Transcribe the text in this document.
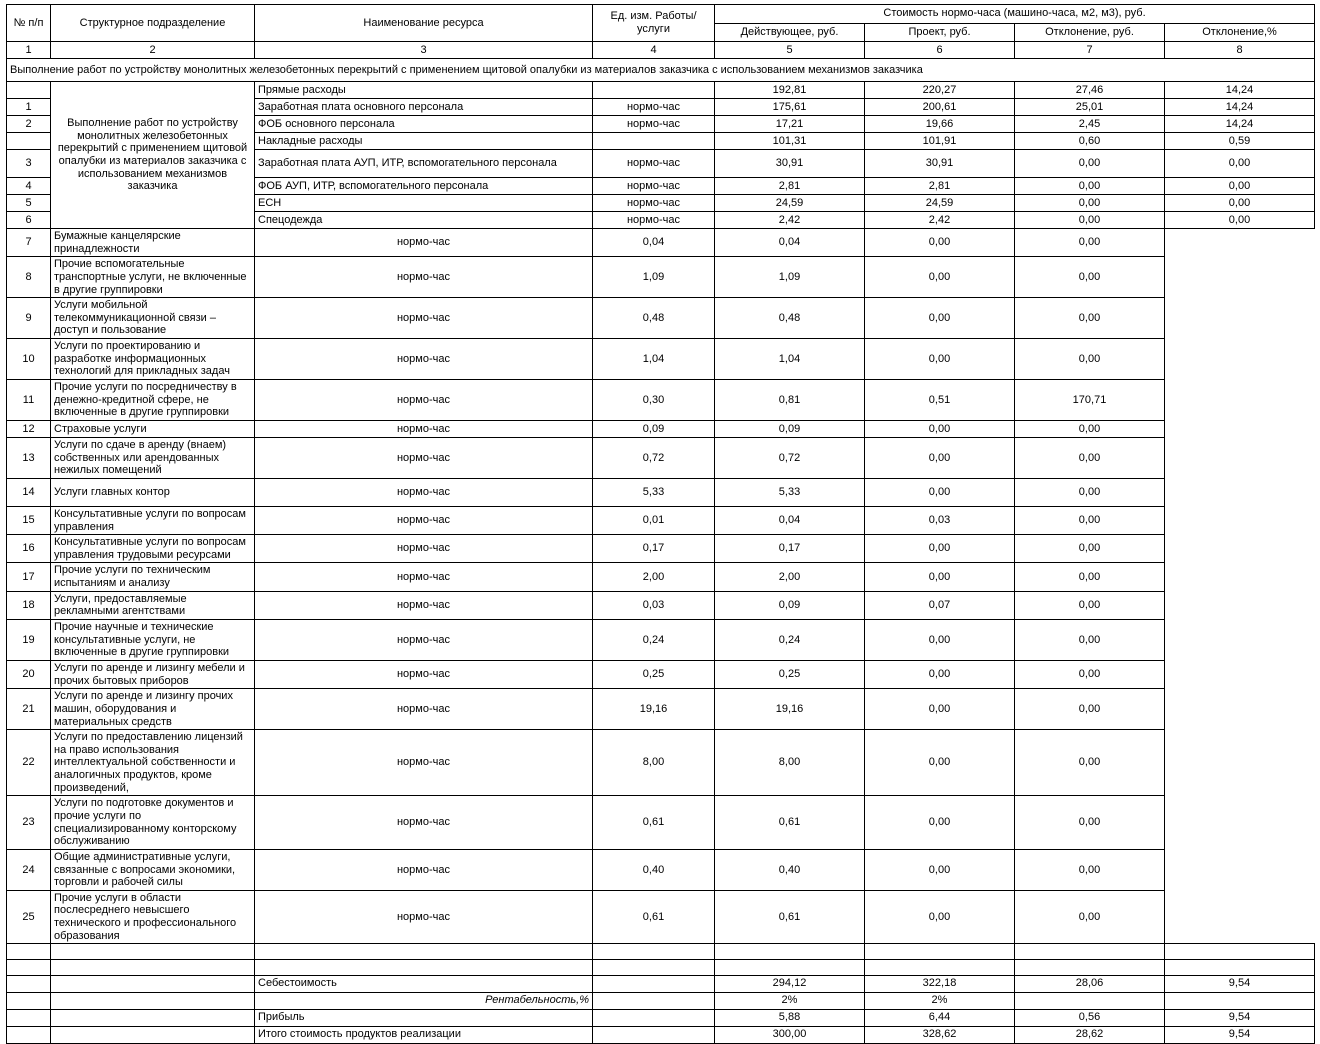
№ п/п	Структурное подразделение	Наименование ресурса	Ед. изм. Работы/ услуги	Стоимость нормо-часа (машино-часа, м2, м3), руб.			
				Действующее, руб.	Проект, руб.	Отклонение, руб.	Отклонение,%
1	2	3	4	5	6	7	8
Выполнение работ по устройству монолитных железобетонных перекрытий с применением щитовой опалубки из материалов заказчика с использованием механизмов заказчика							
	Выполнение работ по устройству монолитных железобетонных перекрытий с применением щитовой опалубки из материалов заказчика с использованием механизмов заказчика	Прямые расходы		192,81	220,27	27,46	14,24
1		Заработная плата основного персонала	нормо-час	175,61	200,61	25,01	14,24
2		ФОБ основного персонала	нормо-час	17,21	19,66	2,45	14,24
		Накладные расходы		101,31	101,91	0,60	0,59
3		Заработная плата АУП, ИТР, вспомогательного персонала	нормо-час	30,91	30,91	0,00	0,00
4		ФОБ АУП, ИТР, вспомогательного персонала	нормо-час	2,81	2,81	0,00	0,00
5		ЕСН	нормо-час	24,59	24,59	0,00	0,00
6		Спецодежда	нормо-час	2,42	2,42	0,00	0,00
7	Бумажные канцелярские принадлежности	нормо-час	0,04	0,04	0,00	0,00	
8	Прочие вспомогательные транспортные услуги, не включенные в другие группировки	нормо-час	1,09	1,09	0,00	0,00	
9	Услуги мобильной телекоммуникационной связи – доступ и пользование	нормо-час	0,48	0,48	0,00	0,00	
10	Услуги по проектированию и разработке информационных технологий для прикладных задач	нормо-час	1,04	1,04	0,00	0,00	
11	Прочие услуги по посредничеству в денежно-кредитной сфере, не включенные в другие группировки	нормо-час	0,30	0,81	0,51	170,71	
12	Страховые услуги	нормо-час	0,09	0,09	0,00	0,00	
13	Услуги по сдаче в аренду (внаем) собственных или арендованных нежилых помещений	нормо-час	0,72	0,72	0,00	0,00	
14	Услуги главных контор	нормо-час	5,33	5,33	0,00	0,00	
15	Консультативные услуги по вопросам управления	нормо-час	0,01	0,04	0,03	0,00	
16	Консультативные услуги по вопросам управления трудовыми ресурсами	нормо-час	0,17	0,17	0,00	0,00	
17	Прочие услуги по техническим испытаниям и анализу	нормо-час	2,00	2,00	0,00	0,00	
18	Услуги, предоставляемые рекламными агентствами	нормо-час	0,03	0,09	0,07	0,00	
19	Прочие научные и технические консультативные услуги, не включенные в другие группировки	нормо-час	0,24	0,24	0,00	0,00	
20	Услуги по аренде и лизингу мебели и прочих бытовых приборов	нормо-час	0,25	0,25	0,00	0,00	
21	Услуги по аренде и лизингу прочих машин, оборудования и материальных средств	нормо-час	19,16	19,16	0,00	0,00	
22	Услуги по предоставлению лицензий на право использования интеллектуальной собственности и аналогичных продуктов, кроме произведений,	нормо-час	8,00	8,00	0,00	0,00	
23	Услуги по подготовке документов и прочие услуги по специализированному конторскому обслуживанию	нормо-час	0,61	0,61	0,00	0,00	
24	Общие административные услуги, связанные с вопросами экономики, торговли и рабочей силы	нормо-час	0,40	0,40	0,00	0,00	
25	Прочие услуги в области послесреднего невысшего технического и профессионального образования	нормо-час	0,61	0,61	0,00	0,00	

		Себестоимость		294,12	322,18	28,06	9,54
		Рентабельность,%		2%	2%		
		Прибыль		5,88	6,44	0,56	9,54
		Итого стоимость продуктов реализации		300,00	328,62	28,62	9,54
